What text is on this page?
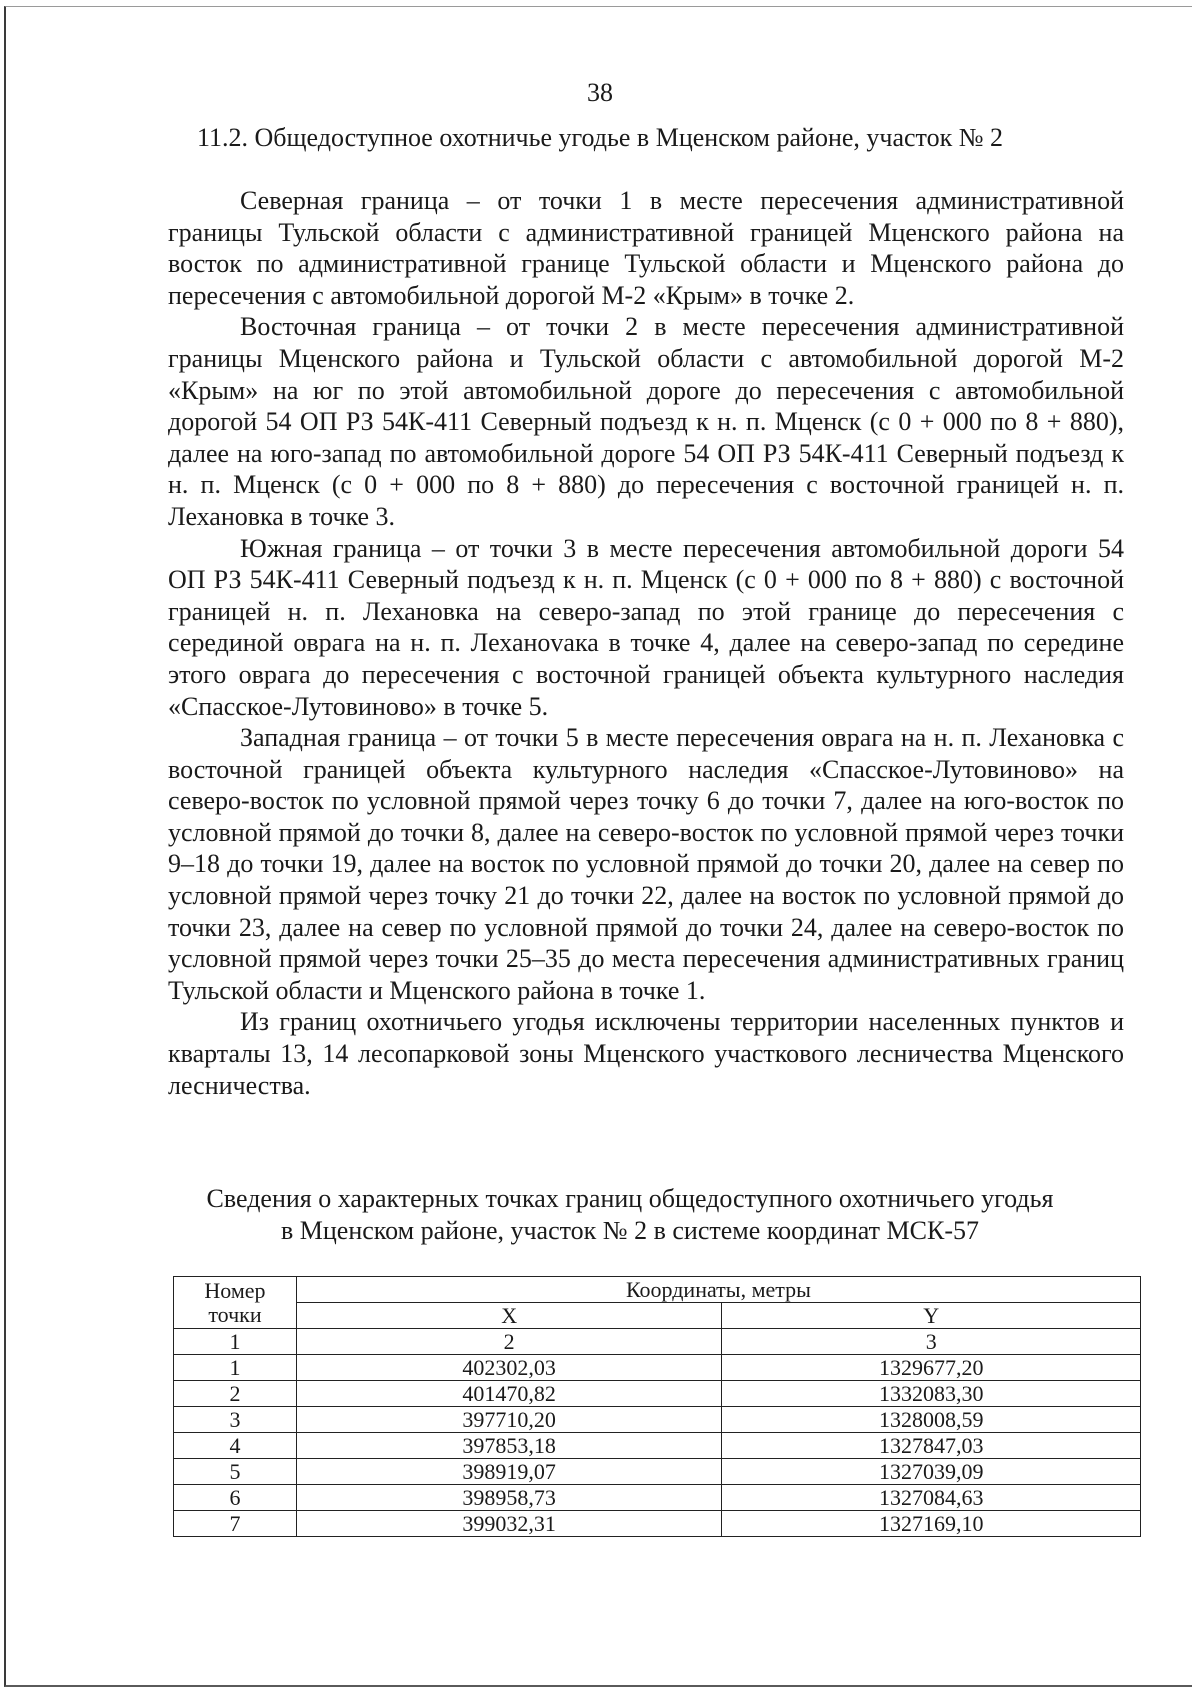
38
11.2. Общедоступное охотничье угодье в Мценском районе, участок № 2

Северная граница – от точки 1 в месте пересечения административной границы Тульской области с административной границей Мценского района на восток по административной границе Тульской области и Мценского района до пересечения с автомобильной дорогой М-2 «Крым» в точке 2.

Восточная граница – от точки 2 в месте пересечения административной границы Мценского района и Тульской области с автомобильной дорогой М-2 «Крым» на юг по этой автомобильной дороге до пересечения с автомобильной дорогой 54 ОП РЗ 54К-411 Северный подъезд к н. п. Мценск (с 0 + 000 по 8 + 880), далее на юго-запад по автомобильной дороге 54 ОП РЗ 54К-411 Северный подъезд к н. п. Мценск (с 0 + 000 по 8 + 880) до пересечения с восточной границей н. п. Лехановка в точке 3.

Южная граница – от точки 3 в месте пересечения автомобильной дороги 54 ОП РЗ 54К-411 Северный подъезд к н. п. Мценск (с 0 + 000 по 8 + 880) с восточной границей н. п. Лехановка на северо-запад по этой границе до пересечения с серединой оврага на н. п. Леханоvака в точке 4, далее на северо-запад по середине этого оврага до пересечения с восточной границей объекта культурного наследия «Спасское-Лутовиново» в точке 5.

Западная граница – от точки 5 в месте пересечения оврага на н. п. Лехановка с восточной границей объекта культурного наследия «Спасское-Лутовиново» на северо-восток по условной прямой через точку 6 до точки 7, далее на юго-восток по условной прямой до точки 8, далее на северо-восток по условной прямой через точки 9–18 до точки 19, далее на восток по условной прямой до точки 20, далее на север по условной прямой через точку 21 до точки 22, далее на восток по условной прямой до точки 23, далее на север по условной прямой до точки 24, далее на северо-восток по условной прямой через точки 25–35 до места пересечения административных границ Тульской области и Мценского района в точке 1.

Из границ охотничьего угодья исключены территории населенных пунктов и кварталы 13, 14 лесопарковой зоны Мценского участкового лесничества Мценского лесничества.

Сведения о характерных точках границ общедоступного охотничьего угодья
в Мценском районе, участок № 2 в системе координат МСК-57
Номер
точки	Координаты, метры	
	X	Y
1	2	3
1	402302,03	1329677,20
2	401470,82	1332083,30
3	397710,20	1328008,59
4	397853,18	1327847,03
5	398919,07	1327039,09
6	398958,73	1327084,63
7	399032,31	1327169,10
